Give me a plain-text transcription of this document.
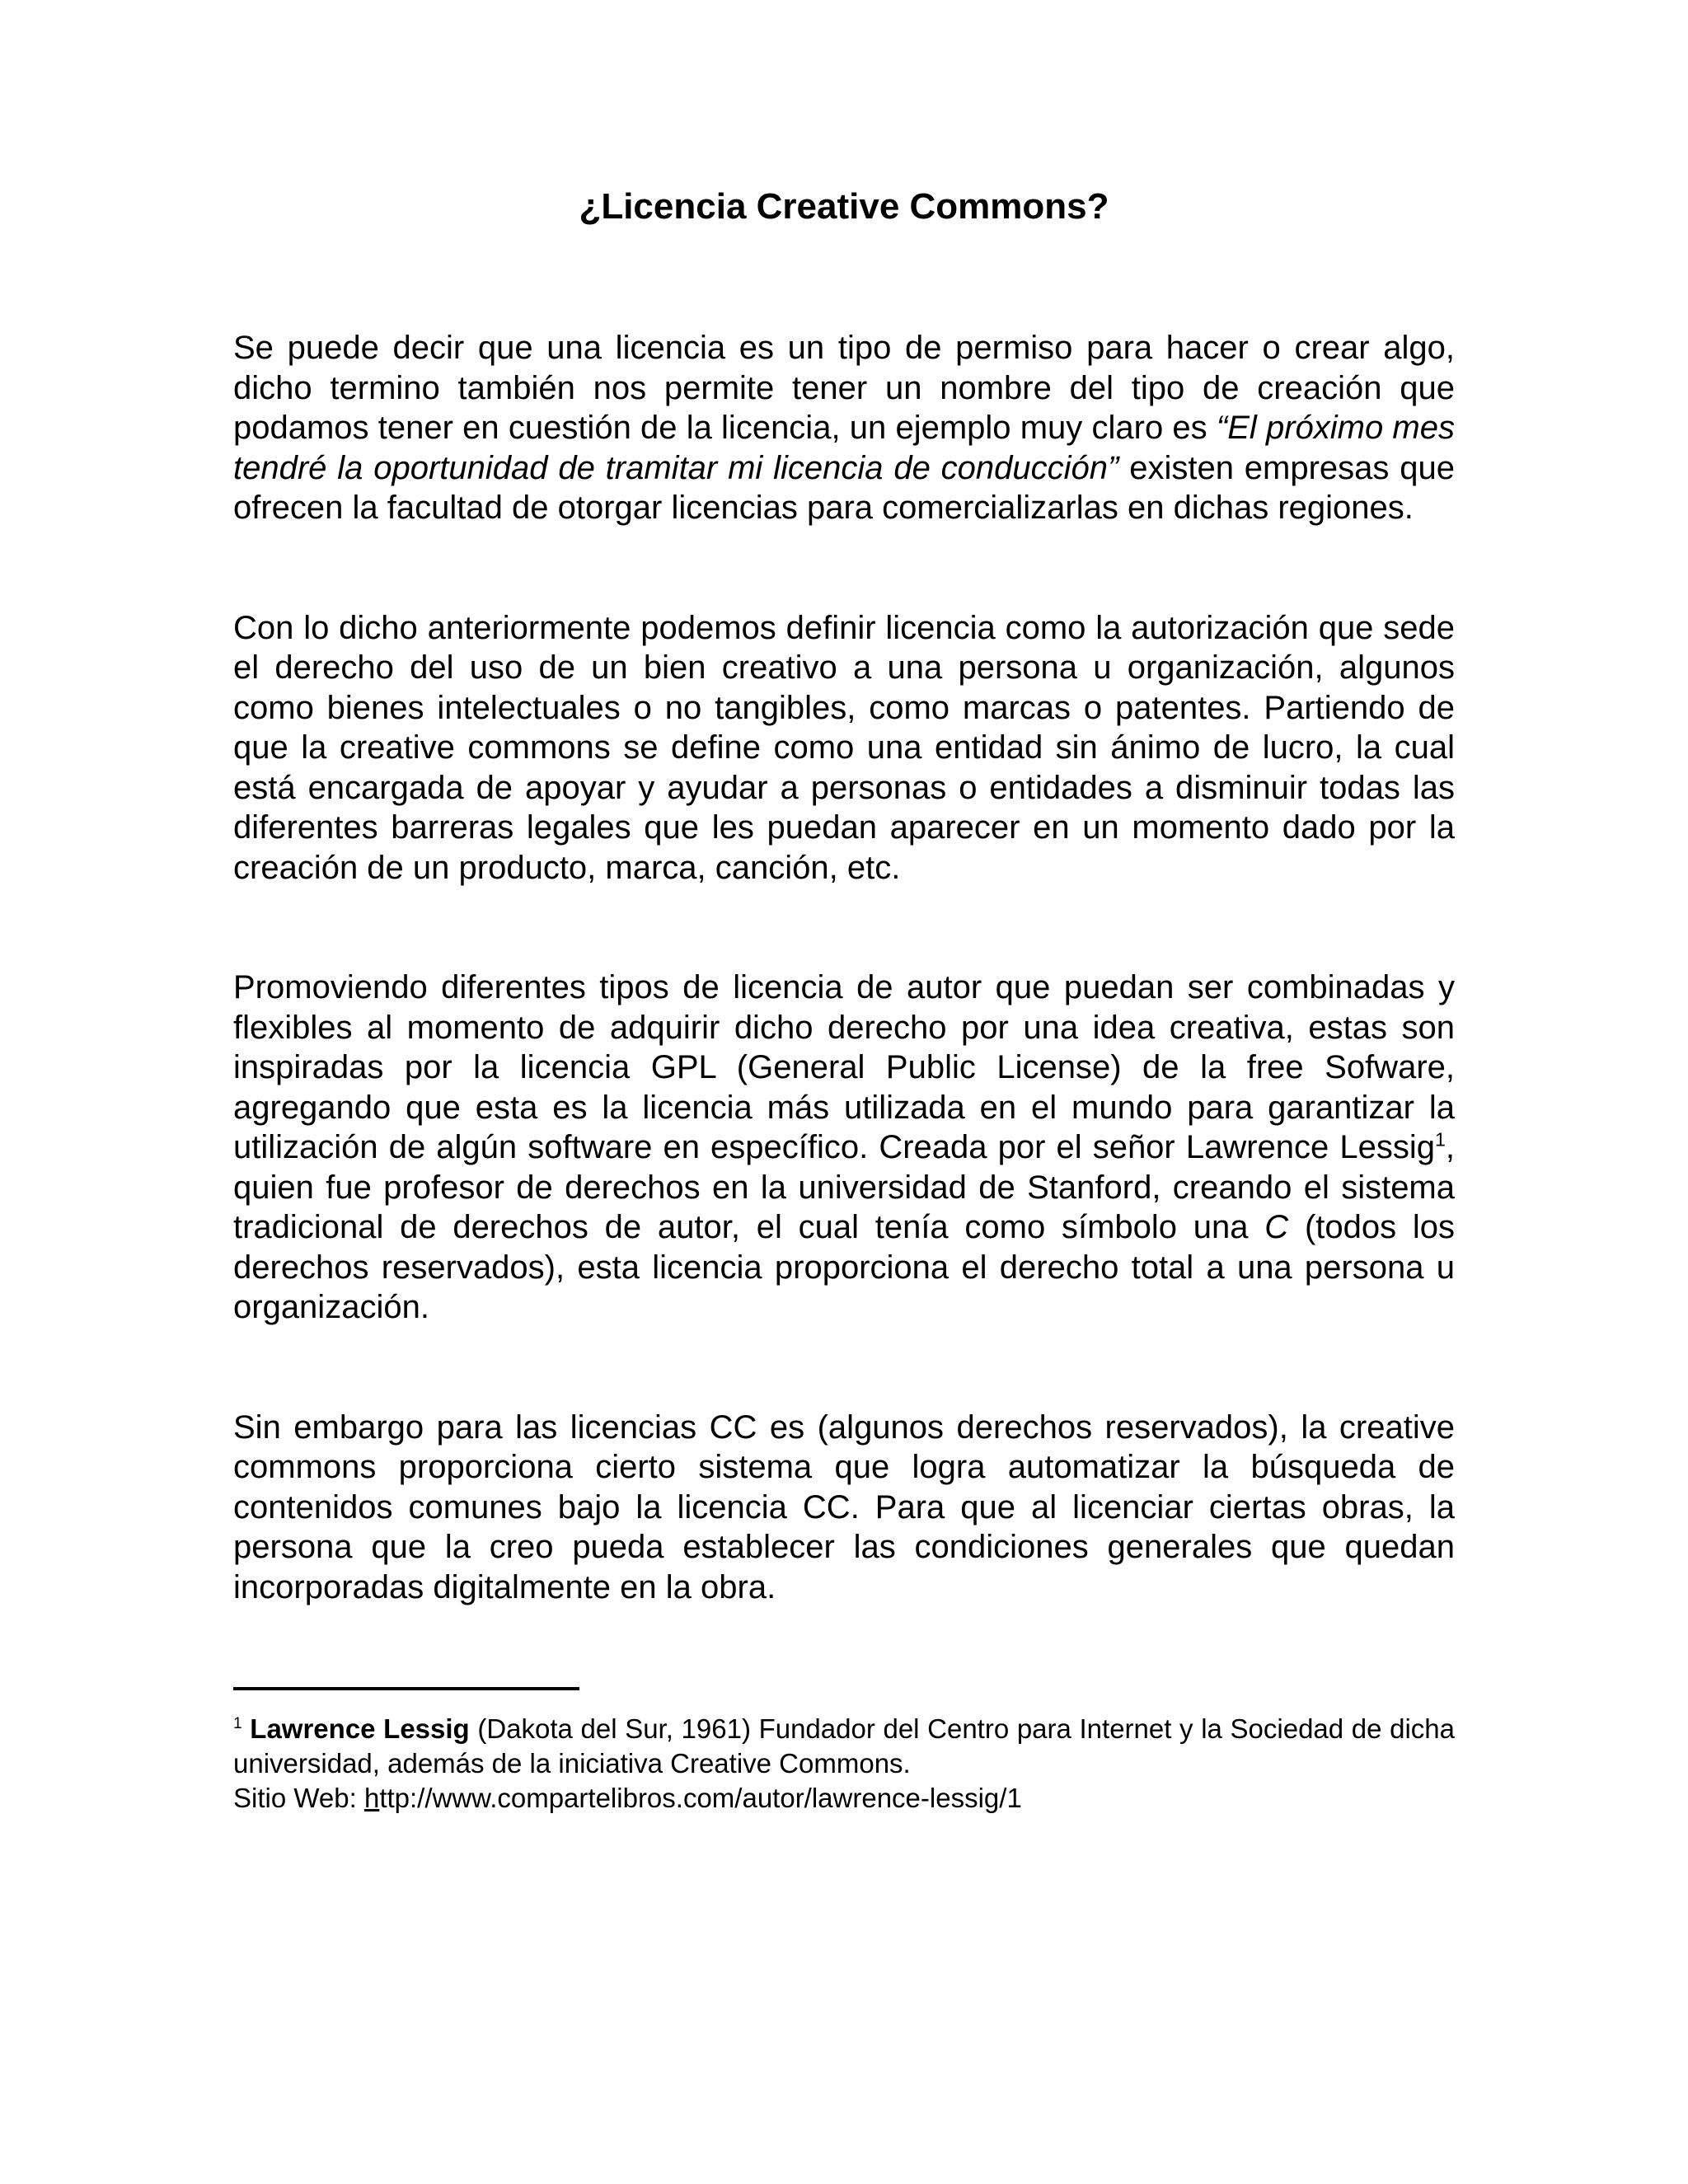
¿Licencia Creative Commons?

Se puede decir que una licencia es un tipo de permiso para hacer o crear algo, dicho termino también nos permite tener un nombre del tipo de creación que podamos tener en cuestión de la licencia, un ejemplo muy claro es “El próximo mes tendré la oportunidad de tramitar mi licencia de conducción” existen empresas que ofrecen la facultad de otorgar licencias para comercializarlas en dichas regiones.

Con lo dicho anteriormente podemos definir licencia como la autorización que sede el derecho del uso de un bien creativo a una persona u organización, algunos como bienes intelectuales o no tangibles, como marcas o patentes. Partiendo de que la creative commons se define como una entidad sin ánimo de lucro, la cual está encargada de apoyar y ayudar a personas o entidades a disminuir todas las diferentes barreras legales que les puedan aparecer en un momento dado por la creación de un producto, marca, canción, etc.

Promoviendo diferentes tipos de licencia de autor que puedan ser combinadas y flexibles al momento de adquirir dicho derecho por una idea creativa, estas son inspiradas por la licencia GPL (General Public License) de la free Sofware, agregando que esta es la licencia más utilizada en el mundo para garantizar la utilización de algún software en específico. Creada por el señor Lawrence Lessig$^1$, quien fue profesor de derechos en la universidad de Stanford, creando el sistema tradicional de derechos de autor, el cual tenía como símbolo una C (todos los derechos reservados), esta licencia proporciona el derecho total a una persona u organización.

Sin embargo para las licencias CC es (algunos derechos reservados), la creative commons proporciona cierto sistema que logra automatizar la búsqueda de contenidos comunes bajo la licencia CC. Para que al licenciar ciertas obras, la persona que la creo pueda establecer las condiciones generales que quedan incorporadas digitalmente en la obra.

$^1$ Lawrence Lessig (Dakota del Sur, 1961) Fundador del Centro para Internet y la Sociedad de dicha universidad, además de la iniciativa Creative Commons.

Sitio Web: http://www.compartelibros.com/autor/lawrence-lessig/1
